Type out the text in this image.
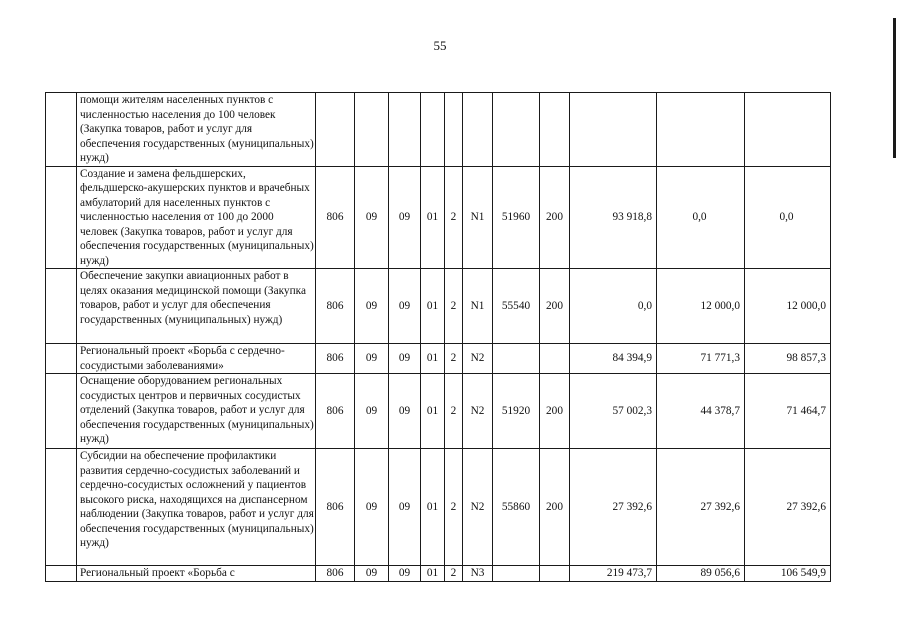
55
	помощи жителям населенных пунктов с численностью населения до 100 человек (Закупка товаров, работ и услуг для обеспечения государственных (муниципальных) нужд)											
	Создание и замена фельдшерских, фельдшерско-акушерских пунктов и врачебных амбулаторий для населенных пунктов с численностью населения от 100 до 2000 человек (Закупка товаров, работ и услуг для обеспечения государственных (муниципальных) нужд)	806	09	09	01	2	N1	51960	200	93 918,8	0,0	0,0
	Обеспечение закупки авиационных работ в целях оказания медицинской помощи (Закупка товаров, работ и услуг для обеспечения государственных (муниципальных) нужд)	806	09	09	01	2	N1	55540	200	0,0	12 000,0	12 000,0
	Региональный проект «Борьба с сердечно-сосудистыми заболеваниями»	806	09	09	01	2	N2			84 394,9	71 771,3	98 857,3
	Оснащение оборудованием региональных сосудистых центров и первичных сосудистых отделений (Закупка товаров, работ и услуг для обеспечения государственных (муниципальных) нужд)	806	09	09	01	2	N2	51920	200	57 002,3	44 378,7	71 464,7
	Субсидии на обеспечение профилактики развития сердечно-сосудистых заболеваний и сердечно-сосудистых осложнений у пациентов высокого риска, находящихся на диспансерном наблюдении (Закупка товаров, работ и услуг для обеспечения государственных (муниципальных) нужд)	806	09	09	01	2	N2	55860	200	27 392,6	27 392,6	27 392,6
	Региональный проект «Борьба с	806	09	09	01	2	N3			219 473,7	89 056,6	106 549,9
